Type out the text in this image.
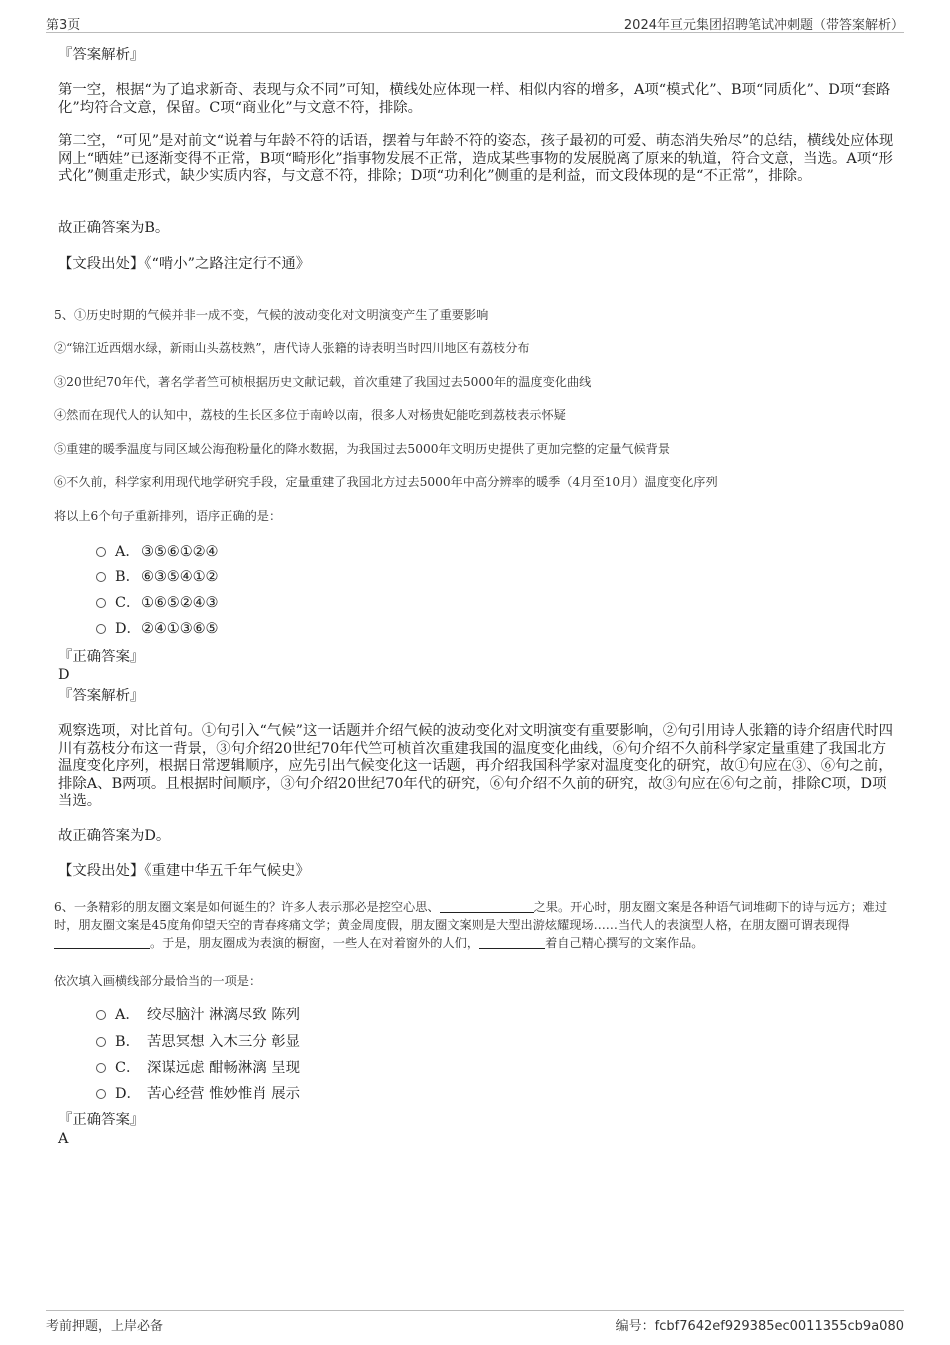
第3页	2024年亘元集团招聘笔试冲刺题（带答案解析）
『答案解析』
第一空，根据“为了追求新奇、表现与众不同”可知，横线处应体现一样、相似内容的增多，A项“模式化”、B项“同质化”、D项“套路化”均符合文意，保留。C项“商业化”与文意不符，排除。
第二空，“可见”是对前文“说着与年龄不符的话语，摆着与年龄不符的姿态，孩子最初的可爱、萌态消失殆尽”的总结，横线处应体现网上“晒娃”已逐渐变得不正常，B项“畸形化”指事物发展不正常，造成某些事物的发展脱离了原来的轨道，符合文意，当选。A项“形式化”侧重走形式，缺少实质内容，与文意不符，排除；D项“功利化”侧重的是利益，而文段体现的是“不正常”，排除。
故正确答案为B。
【文段出处】《“啃小”之路注定行不通》
5、①历史时期的气候并非一成不变，气候的波动变化对文明演变产生了重要影响
②“锦江近西烟水绿，新雨山头荔枝熟”，唐代诗人张籍的诗表明当时四川地区有荔枝分布
③20世纪70年代，著名学者竺可桢根据历史文献记载，首次重建了我国过去5000年的温度变化曲线
④然而在现代人的认知中，荔枝的生长区多位于南岭以南，很多人对杨贵妃能吃到荔枝表示怀疑
⑤重建的暖季温度与同区域公海孢粉量化的降水数据，为我国过去5000年文明历史提供了更加完整的定量气候背景
⑥不久前，科学家利用现代地学研究手段，定量重建了我国北方过去5000年中高分辨率的暖季（4月至10月）温度变化序列
将以上6个句子重新排列，语序正确的是：
A．③⑤⑥①②④
B．⑥③⑤④①②
C．①⑥⑤②④③
D．②④①③⑥⑤
『正确答案』
D
『答案解析』
观察选项，对比首句。①句引入“气候”这一话题并介绍气候的波动变化对文明演变有重要影响，②句引用诗人张籍的诗介绍唐代时四川有荔枝分布这一背景，③句介绍20世纪70年代竺可桢首次重建我国的温度变化曲线，⑥句介绍不久前科学家定量重建了我国北方温度变化序列，根据日常逻辑顺序，应先引出气候变化这一话题，再介绍我国科学家对温度变化的研究，故①句应在③、⑥句之前，排除A、B两项。且根据时间顺序，③句介绍20世纪70年代的研究，⑥句介绍不久前的研究，故③句应在⑥句之前，排除C项，D项当选。
故正确答案为D。
【文段出处】《重建中华五千年气候史》
6、一条精彩的朋友圈文案是如何诞生的？许多人表示那必是挖空心思、	之果。开心时，朋友圈文案是各种语气词堆砌下的诗与远方；难过时，朋友圈文案是45度角仰望天空的青春疼痛文学；黄金周度假，朋友圈文案则是大型出游炫耀现场……当代人的表演型人格，在朋友圈可谓表现得。于是，朋友圈成为表演的橱窗，一些人在对着窗外的人们，	着自己精心撰写的文案作品。
依次填入画横线部分最恰当的一项是：
A． 绞尽脑汁 淋漓尽致 陈列
B． 苦思冥想 入木三分 彰显
C． 深谋远虑 酣畅淋漓 呈现
D． 苦心经营 惟妙惟肖 展示
『正确答案』
A
考前押题，上岸必备	编号：fcbf7642ef929385ec0011355cb9a080
